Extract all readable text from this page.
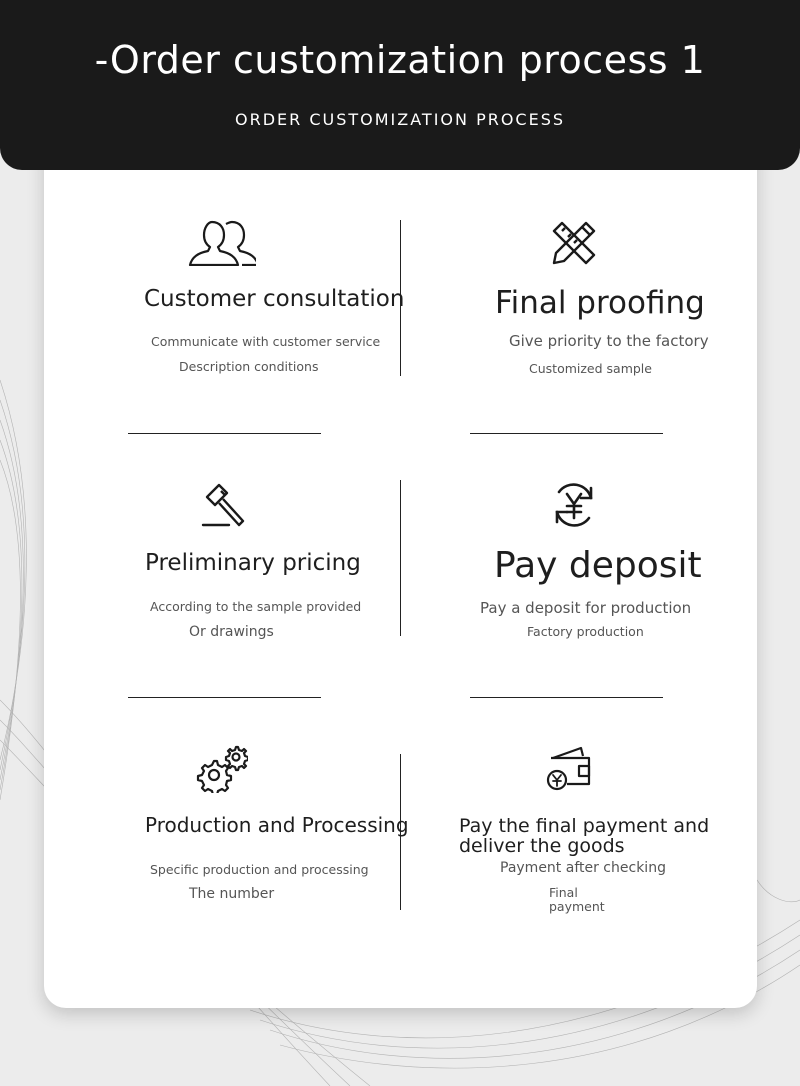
-Order customization process 1
ORDER CUSTOMIZATION PROCESS
Customer consultation
Communicate with customer service
Description conditions
Final proofing
Give priority to the factory
Customized sample
Preliminary pricing
According to the sample provided
Or drawings
Pay deposit
Pay a deposit for production
Factory production
Production and Processing
Specific production and processing
The number
Pay the final payment and
deliver the goods
Payment after checking
Final
payment
